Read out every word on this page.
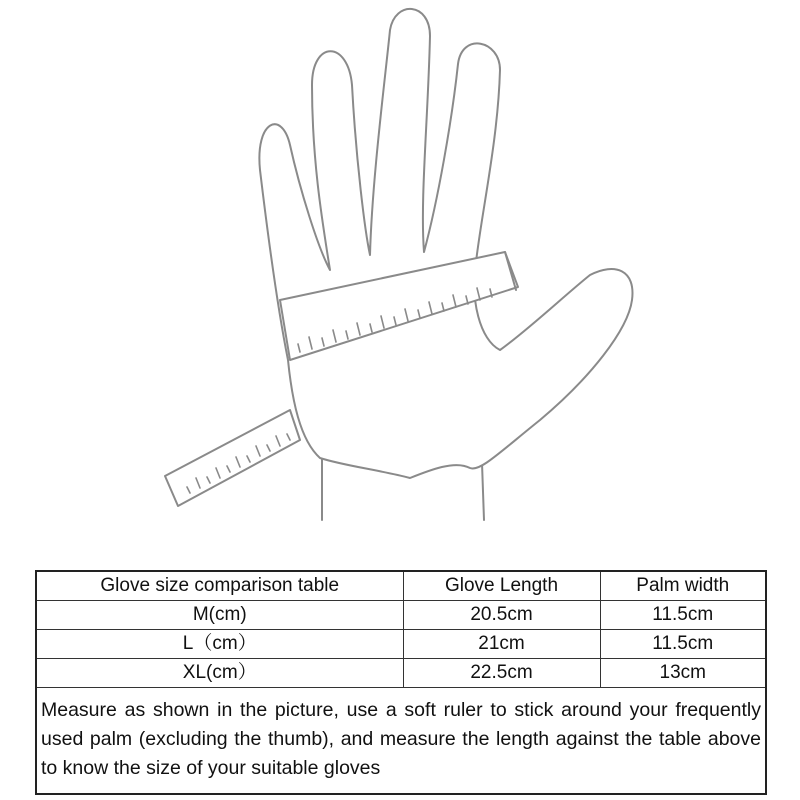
Glove size comparison table	Glove Length	Palm width
M(cm)	20.5cm	11.5cm
L（cm）	21cm	11.5cm
XL(cm）	22.5cm	13cm
Measure as shown in the picture, use a soft ruler to stick around your frequently used palm (excluding the thumb), and measure the length against the table above to know the size of your suitable gloves		
